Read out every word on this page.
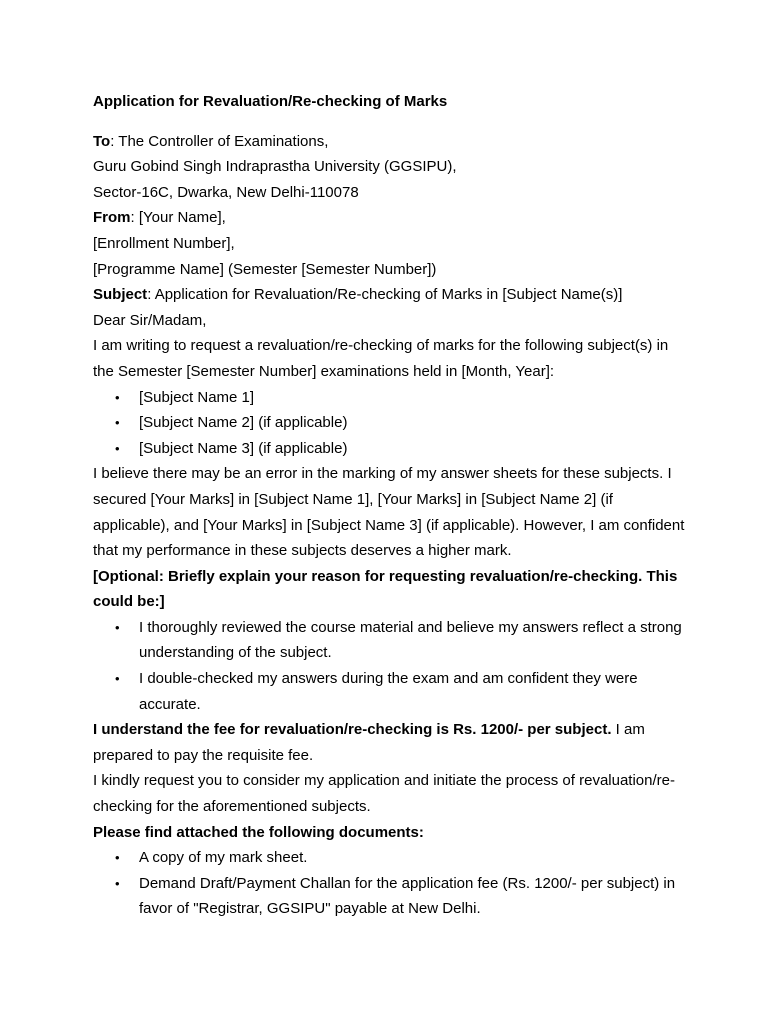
Application for Revaluation/Re-checking of Marks

To: The Controller of Examinations,

Guru Gobind Singh Indraprastha University (GGSIPU),

Sector-16C, Dwarka, New Delhi-110078

From: [Your Name],

[Enrollment Number],

[Programme Name] (Semester [Semester Number])

Subject: Application for Revaluation/Re-checking of Marks in [Subject Name(s)]

Dear Sir/Madam,

I am writing to request a revaluation/re-checking of marks for the following subject(s) in the Semester [Semester Number] examinations held in [Month, Year]:

• [Subject Name 1]
• [Subject Name 2] (if applicable)
• [Subject Name 3] (if applicable)

I believe there may be an error in the marking of my answer sheets for these subjects. I secured [Your Marks] in [Subject Name 1], [Your Marks] in [Subject Name 2] (if applicable), and [Your Marks] in [Subject Name 3] (if applicable). However, I am confident that my performance in these subjects deserves a higher mark.

[Optional: Briefly explain your reason for requesting revaluation/re-checking. This could be:]

• I thoroughly reviewed the course material and believe my answers reflect a strong understanding of the subject.
• I double-checked my answers during the exam and am confident they were accurate.

I understand the fee for revaluation/re-checking is Rs. 1200/- per subject. I am prepared to pay the requisite fee.

I kindly request you to consider my application and initiate the process of revaluation/re-checking for the aforementioned subjects.

Please find attached the following documents:

• A copy of my mark sheet.
• Demand Draft/Payment Challan for the application fee (Rs. 1200/- per subject) in favor of "Registrar, GGSIPU" payable at New Delhi.
